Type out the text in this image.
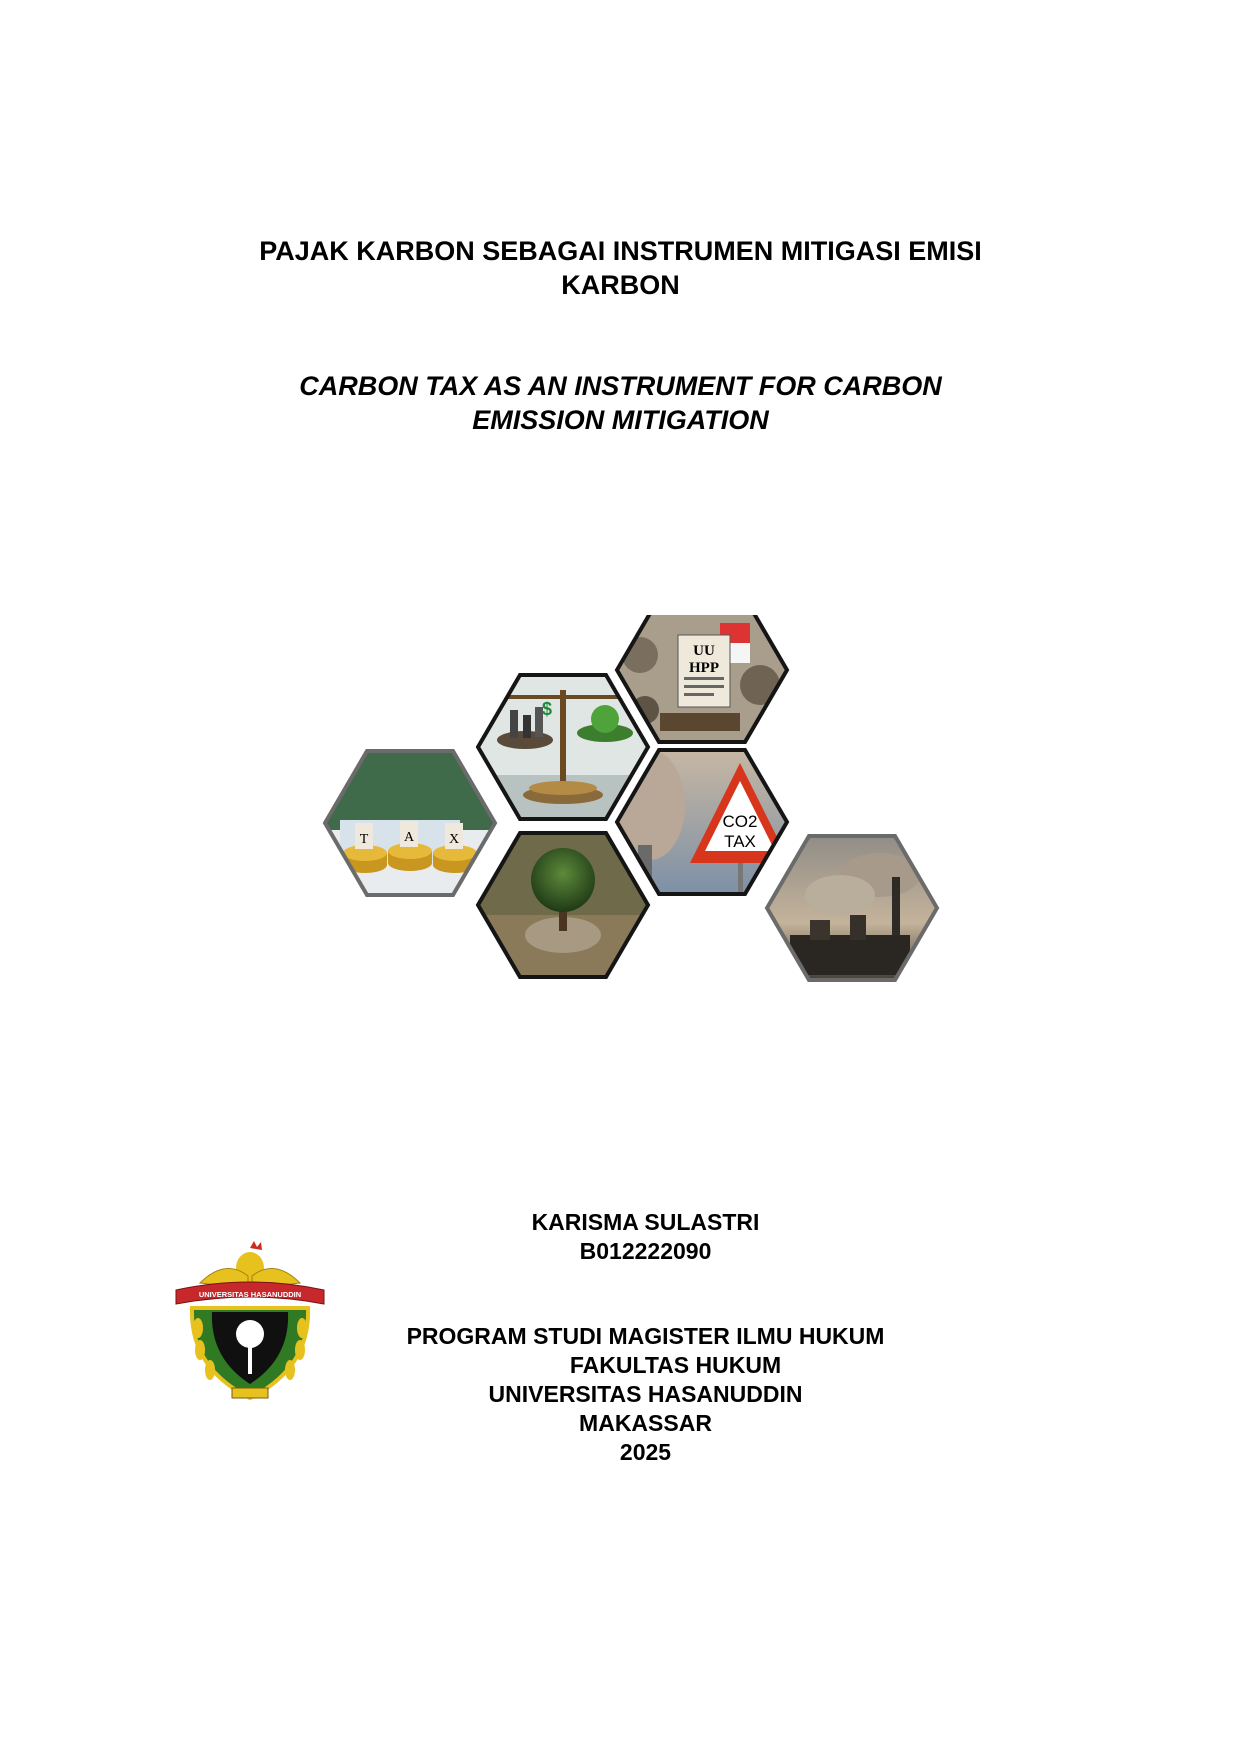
PAJAK KARBON SEBAGAI INSTRUMEN MITIGASI EMISI
KARBON
CARBON TAX AS AN INSTRUMENT FOR CARBON
EMISSION MITIGATION
T	A X
$
UU
HPP
CO2
TAX
KARISMA SULASTRI
B012222090
PROGRAM STUDI MAGISTER ILMU HUKUM
FAKULTAS HUKUM
UNIVERSITAS HASANUDDIN
MAKASSAR
2025
UNIVERSITAS HASANUDDIN
